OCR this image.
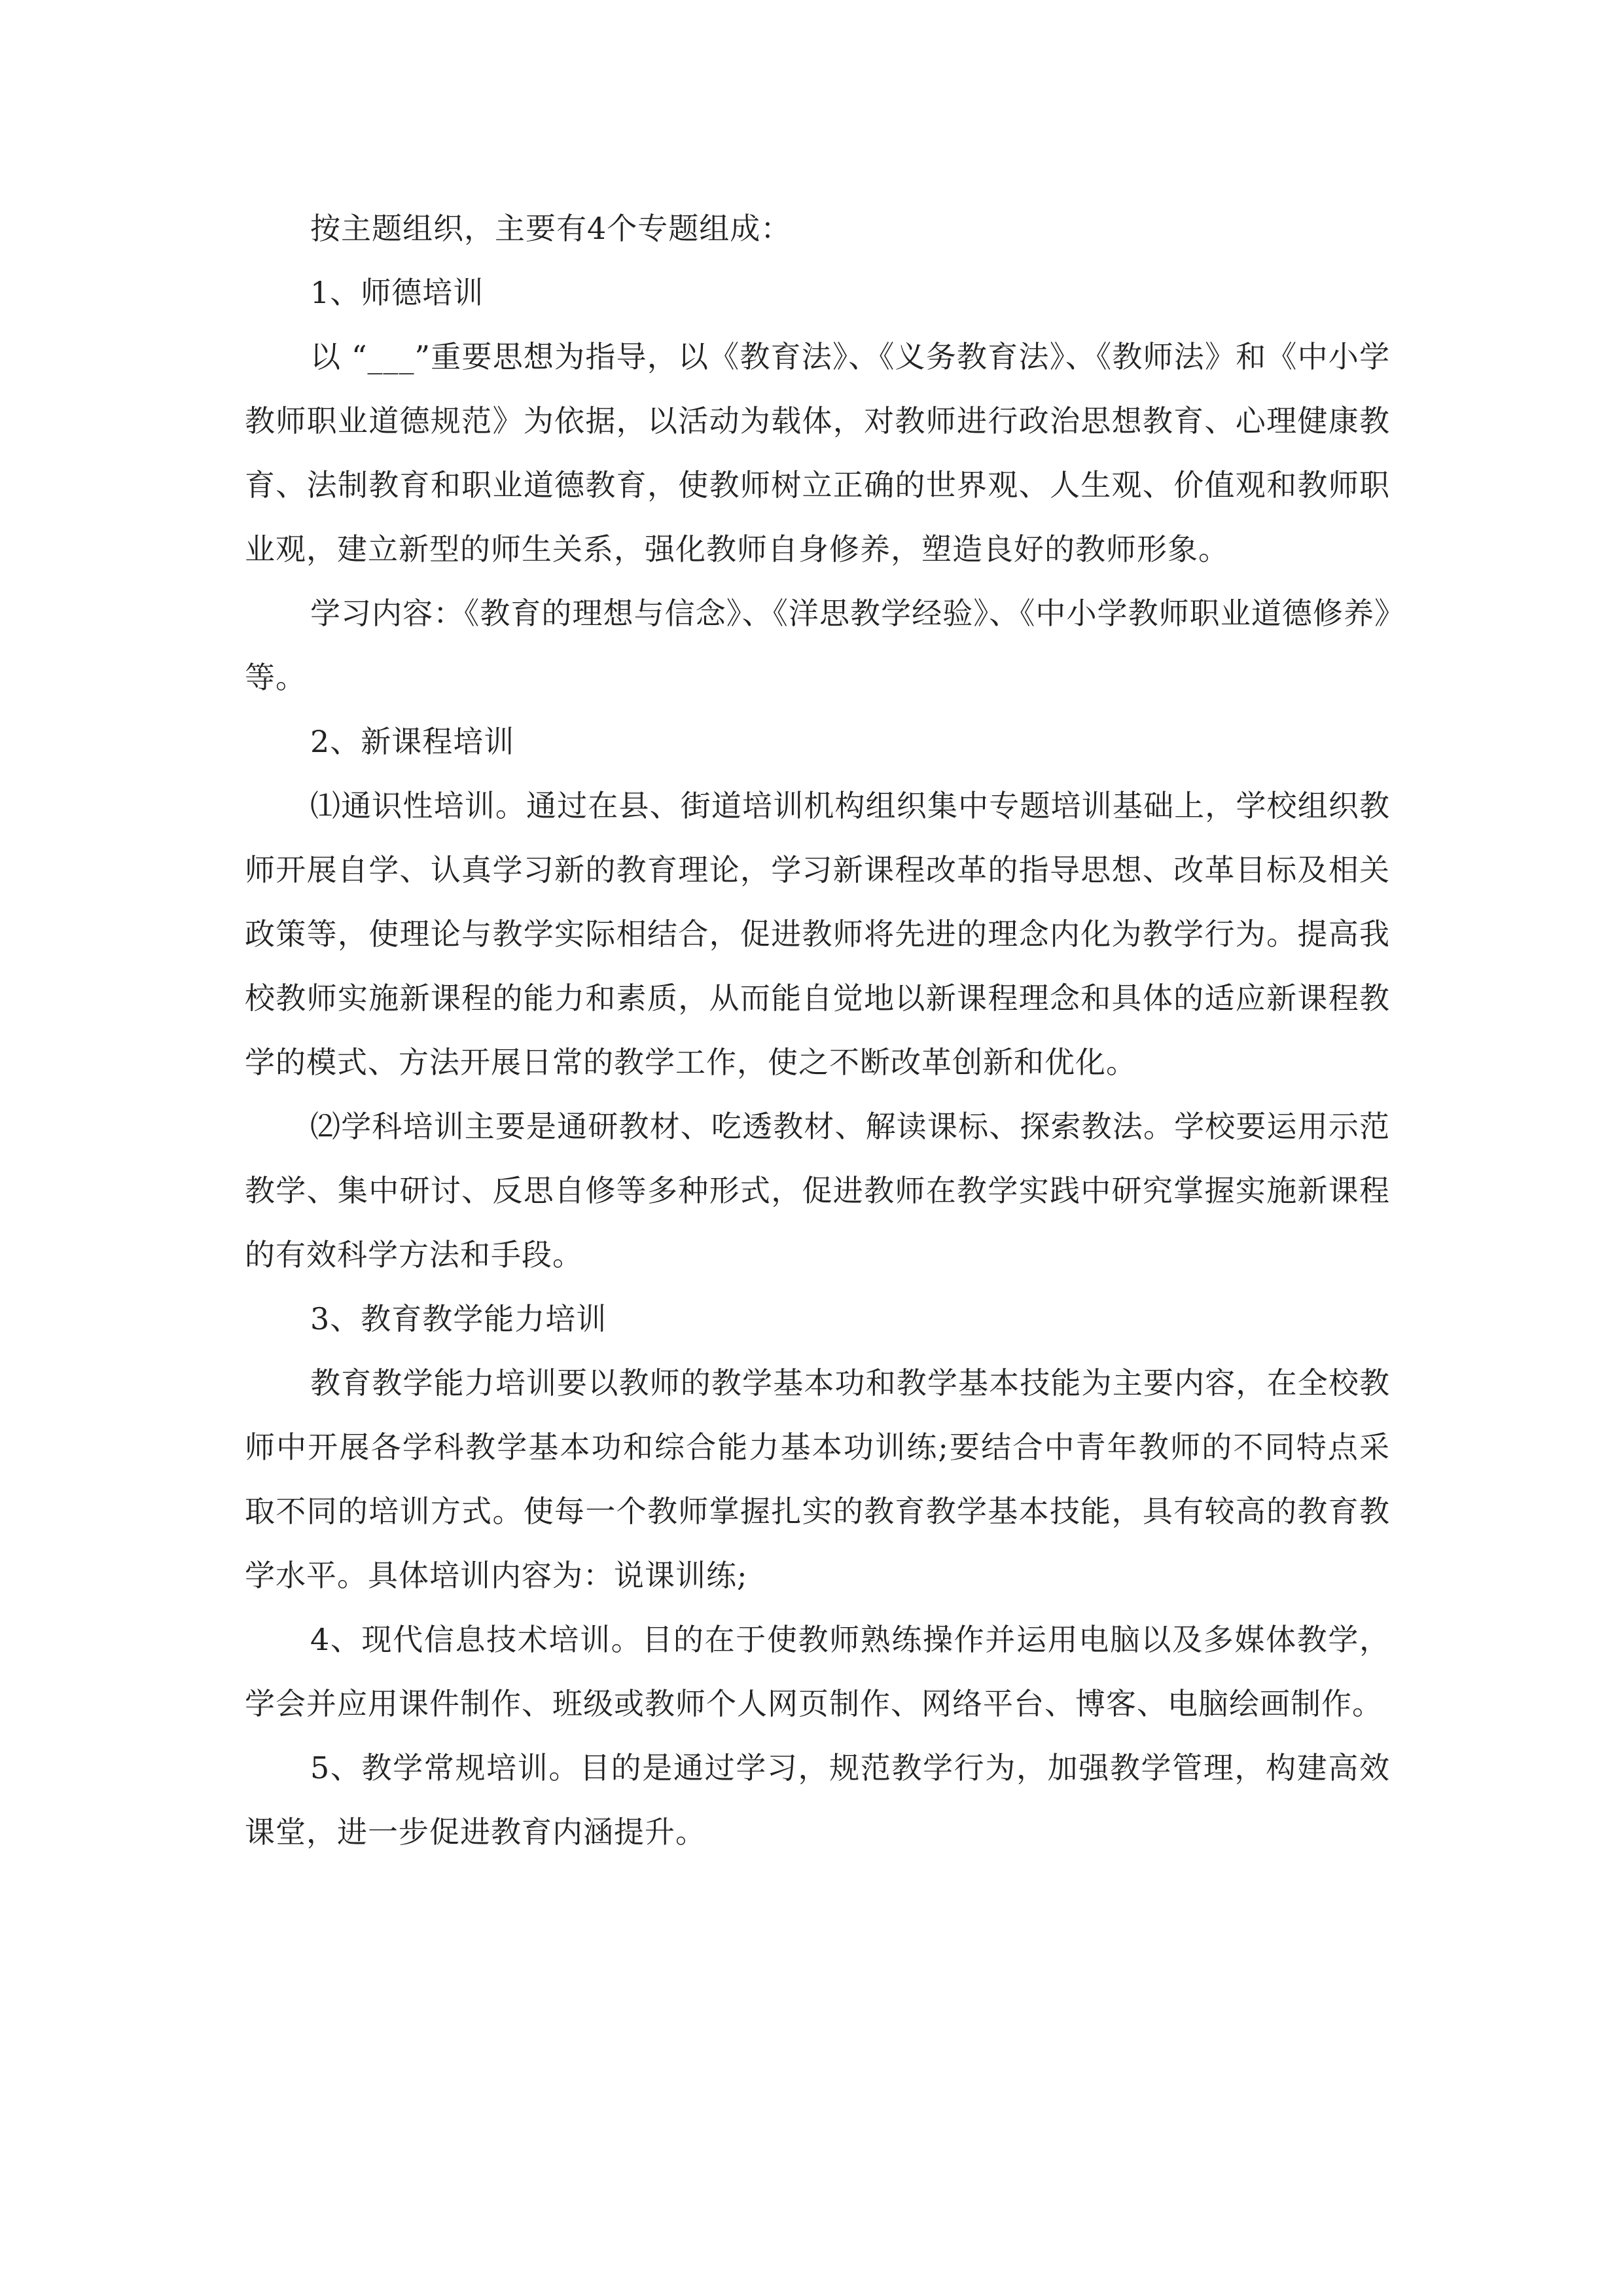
按主题组织，主要有4个专题组成：

1、师德培训

以 “___”重要思想为指导，以《教育法》、《义务教育法》、《教师法》和《中小学教师职业道德规范》为依据，以活动为载体，对教师进行政治思想教育、心理健康教育、法制教育和职业道德教育，使教师树立正确的世界观、人生观、价值观和教师职业观，建立新型的师生关系，强化教师自身修养，塑造良好的教师形象。

学习内容：《教育的理想与信念》、《洋思教学经验》、《中小学教师职业道德修养》等。

2、新课程培训

⑴通识性培训。通过在县、街道培训机构组织集中专题培训基础上，学校组织教师开展自学、认真学习新的教育理论，学习新课程改革的指导思想、改革目标及相关政策等，使理论与教学实际相结合，促进教师将先进的理念内化为教学行为。提高我校教师实施新课程的能力和素质，从而能自觉地以新课程理念和具体的适应新课程教学的模式、方法开展日常的教学工作，使之不断改革创新和优化。

⑵学科培训主要是通研教材、吃透教材、解读课标、探索教法。学校要运用示范教学、集中研讨、反思自修等多种形式，促进教师在教学实践中研究掌握实施新课程的有效科学方法和手段。

3、教育教学能力培训

教育教学能力培训要以教师的教学基本功和教学基本技能为主要内容，在全校教师中开展各学科教学基本功和综合能力基本功训练;要结合中青年教师的不同特点采取不同的培训方式。使每一个教师掌握扎实的教育教学基本技能，具有较高的教育教学水平。具体培训内容为：说课训练;

4、现代信息技术培训。目的在于使教师熟练操作并运用电脑以及多媒体教学，学会并应用课件制作、班级或教师个人网页制作、网络平台、博客、电脑绘画制作。

5、教学常规培训。目的是通过学习，规范教学行为，加强教学管理，构建高效课堂，进一步促进教育内涵提升。
